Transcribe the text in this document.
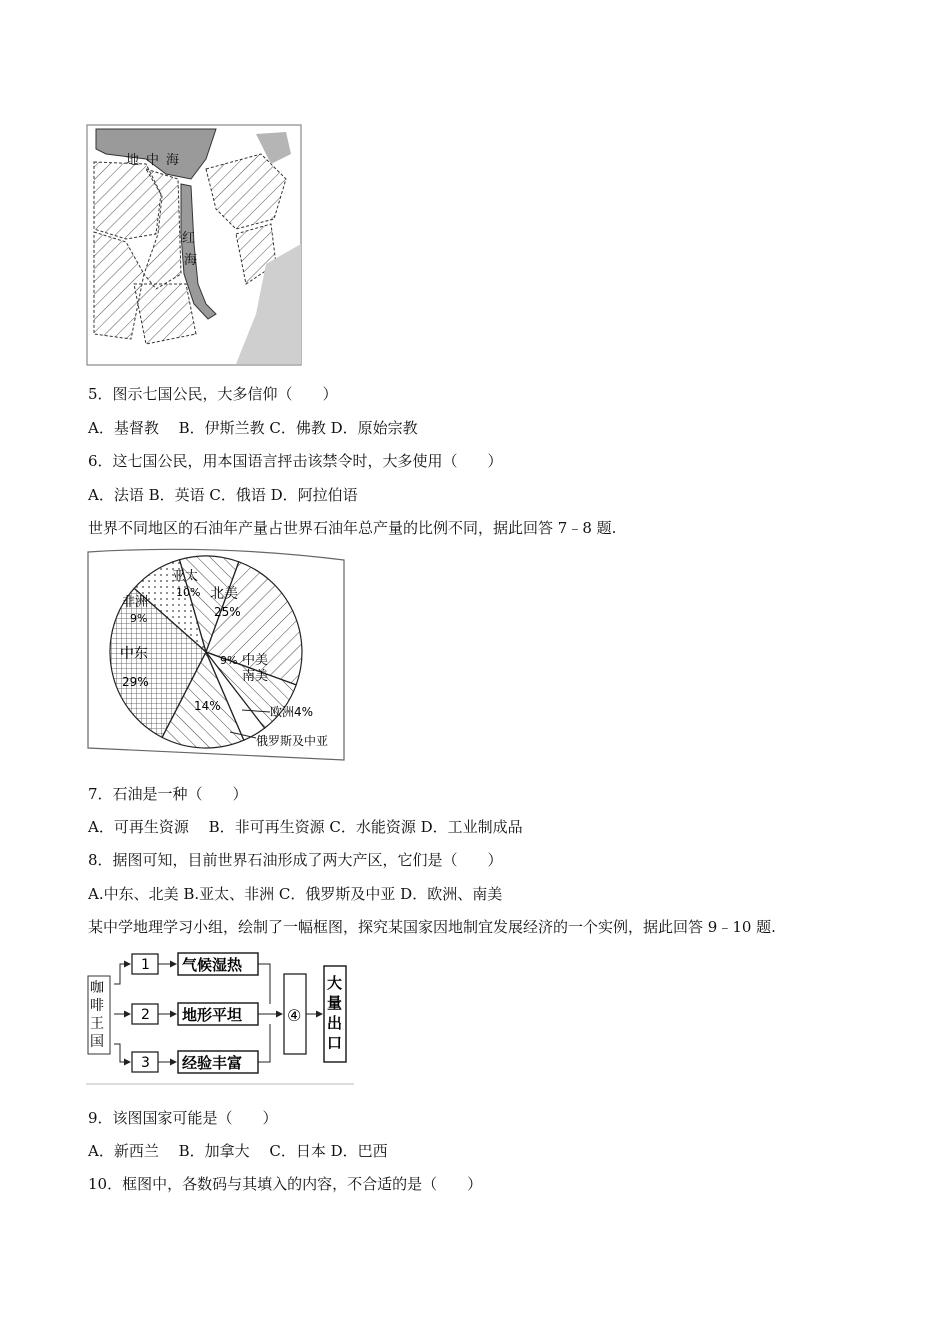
地 中 海
红
海
5．图示七国公民，大多信仰（　　）
A．基督教　 B．伊斯兰教 C．佛教 D．原始宗教
6．这七国公民，用本国语言抨击该禁令时，大多使用（　　）
A．法语 B．英语 C．俄语 D．阿拉伯语
世界不同地区的石油年产量占世界石油年总产量的比例不同，据此回答 7﹣8 题.
亚太
10%
非洲
9%
北美
25%
9% 中美
南美
中东
29%
14%	欧洲4%
俄罗斯及中亚
7．石油是一种（　　）
A．可再生资源　 B．非可再生资源 C．水能资源 D．工业制成品
8．据图可知，目前世界石油形成了两大产区，它们是（　　）
A.中东、北美 B.亚太、非洲 C．俄罗斯及中亚 D．欧洲、南美
某中学地理学习小组，绘制了一幅框图，探究某国家因地制宜发展经济的一个实例，据此回答 9﹣10 题.
咖
啡
王
国
1
2
3
气候湿热
地形平坦
经验丰富
④
大
量
出
口
9．该图国家可能是（　　）
A．新西兰　 B．加拿大　 C．日本 D．巴西
10．框图中，各数码与其填入的内容，不合适的是（　　）
